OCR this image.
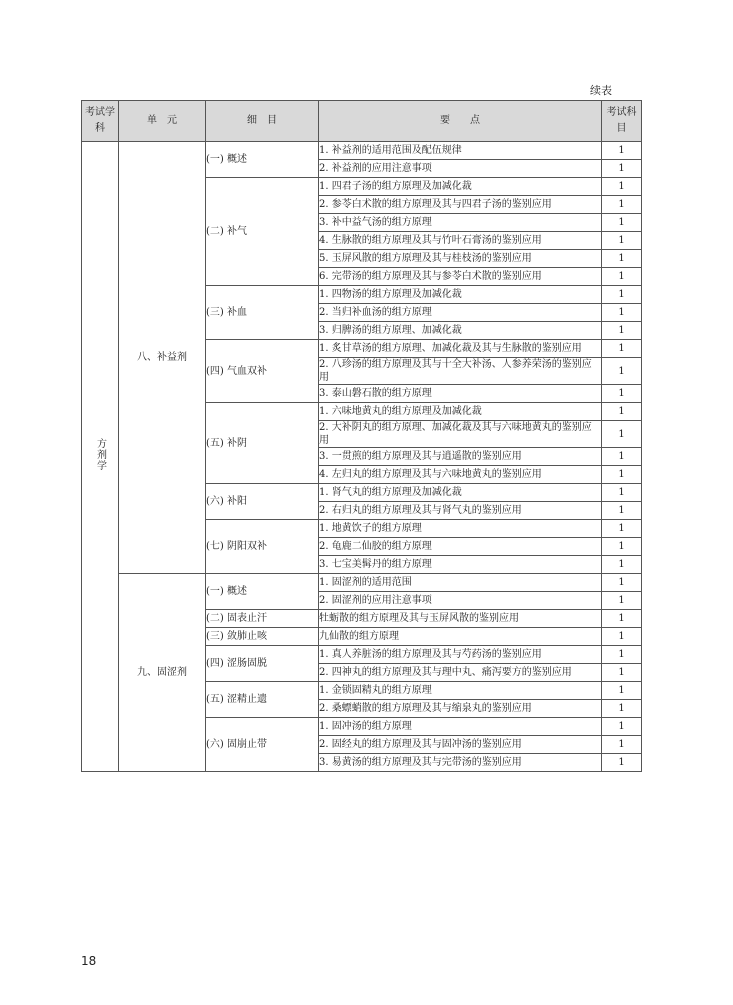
续表
考试学科	单　元	细　目	要　　点	考试科目
方剂学	八、补益剂	(一) 概述	1. 补益剂的适用范围及配伍规律	1
			2. 补益剂的应用注意事项	1
		(二) 补气	1. 四君子汤的组方原理及加减化裁	1
			2. 参苓白术散的组方原理及其与四君子汤的鉴别应用	1
			3. 补中益气汤的组方原理	1
			4. 生脉散的组方原理及其与竹叶石膏汤的鉴别应用	1
			5. 玉屏风散的组方原理及其与桂枝汤的鉴别应用	1
			6. 完带汤的组方原理及其与参苓白术散的鉴别应用	1
		(三) 补血	1. 四物汤的组方原理及加减化裁	1
			2. 当归补血汤的组方原理	1
			3. 归脾汤的组方原理、加减化裁	1
		(四) 气血双补	1. 炙甘草汤的组方原理、加减化裁及其与生脉散的鉴别应用	1
			2. 八珍汤的组方原理及其与十全大补汤、人参养荣汤的鉴别应用	1
			3. 泰山磐石散的组方原理	1
		(五) 补阴	1. 六味地黄丸的组方原理及加减化裁	1
			2. 大补阴丸的组方原理、加减化裁及其与六味地黄丸的鉴别应用	1
			3. 一贯煎的组方原理及其与逍遥散的鉴别应用	1
			4. 左归丸的组方原理及其与六味地黄丸的鉴别应用	1
		(六) 补阳	1. 肾气丸的组方原理及加减化裁	1
			2. 右归丸的组方原理及其与肾气丸的鉴别应用	1
		(七) 阴阳双补	1. 地黄饮子的组方原理	1
			2. 龟鹿二仙胶的组方原理	1
			3. 七宝美髯丹的组方原理	1
	九、固涩剂	(一) 概述	1. 固涩剂的适用范围	1
			2. 固涩剂的应用注意事项	1
		(二) 固表止汗	牡蛎散的组方原理及其与玉屏风散的鉴别应用	1
		(三) 敛肺止咳	九仙散的组方原理	1
		(四) 涩肠固脱	1. 真人养脏汤的组方原理及其与芍药汤的鉴别应用	1
			2. 四神丸的组方原理及其与理中丸、痛泻要方的鉴别应用	1
		(五) 涩精止遗	1. 金锁固精丸的组方原理	1
			2. 桑螵蛸散的组方原理及其与缩泉丸的鉴别应用	1
		(六) 固崩止带	1. 固冲汤的组方原理	1
			2. 固经丸的组方原理及其与固冲汤的鉴别应用	1
			3. 易黄汤的组方原理及其与完带汤的鉴别应用	1
18
